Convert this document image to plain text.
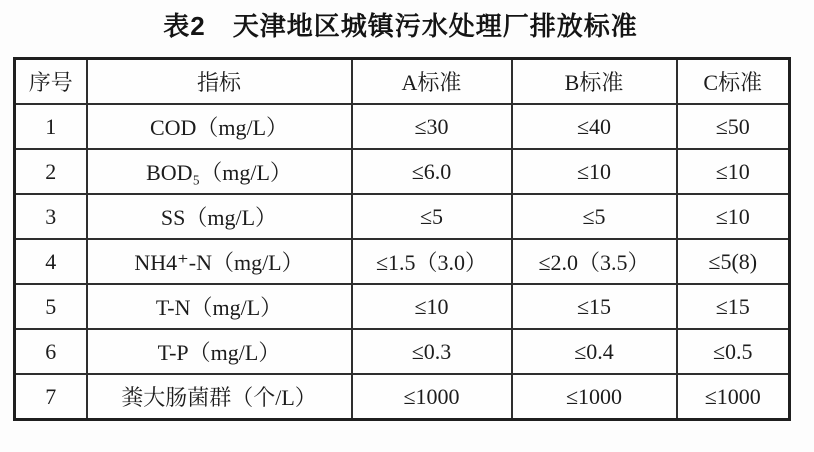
表2　天津地区城镇污水处理厂排放标准
序号	指标	A标准	B标准	C标准
1	COD（mg/L）	≤30	≤40	≤50
2	BOD₅（mg/L）	≤6.0	≤10	≤10
3	SS（mg/L）	≤5	≤5	≤10
4	NH4⁺-N（mg/L）	≤1.5（3.0）	≤2.0（3.5）	≤5(8)
5	T-N（mg/L）	≤10	≤15	≤15
6	T-P（mg/L）	≤0.3	≤0.4	≤0.5
7	粪大肠菌群（个/L）	≤1000	≤1000	≤1000
